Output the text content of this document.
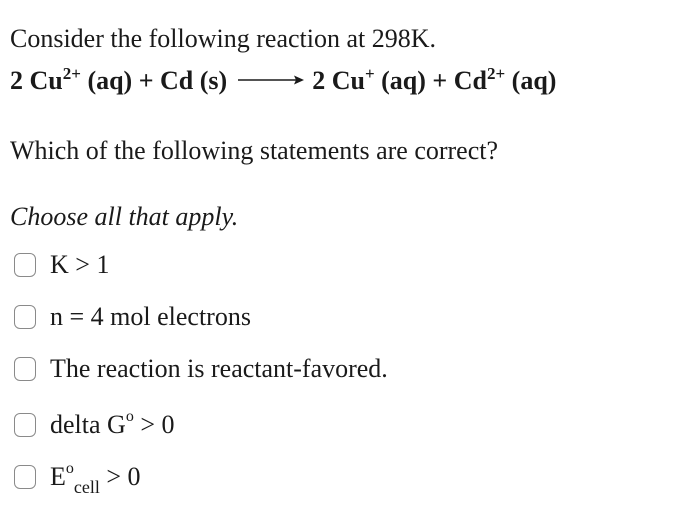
Consider the following reaction at 298K.
2 $Cu^{2+}$ (aq) + Cd (s) → 2 Cu+ $(aq) + Cd^{2+}$ (aq)
Which of the following statements are correct?
Choose all that apply.
K > 1
n = 4 mol electrons
The reaction is reactant-favored.
delta $G^o > 0$
$E^o_{cell} > 0$
